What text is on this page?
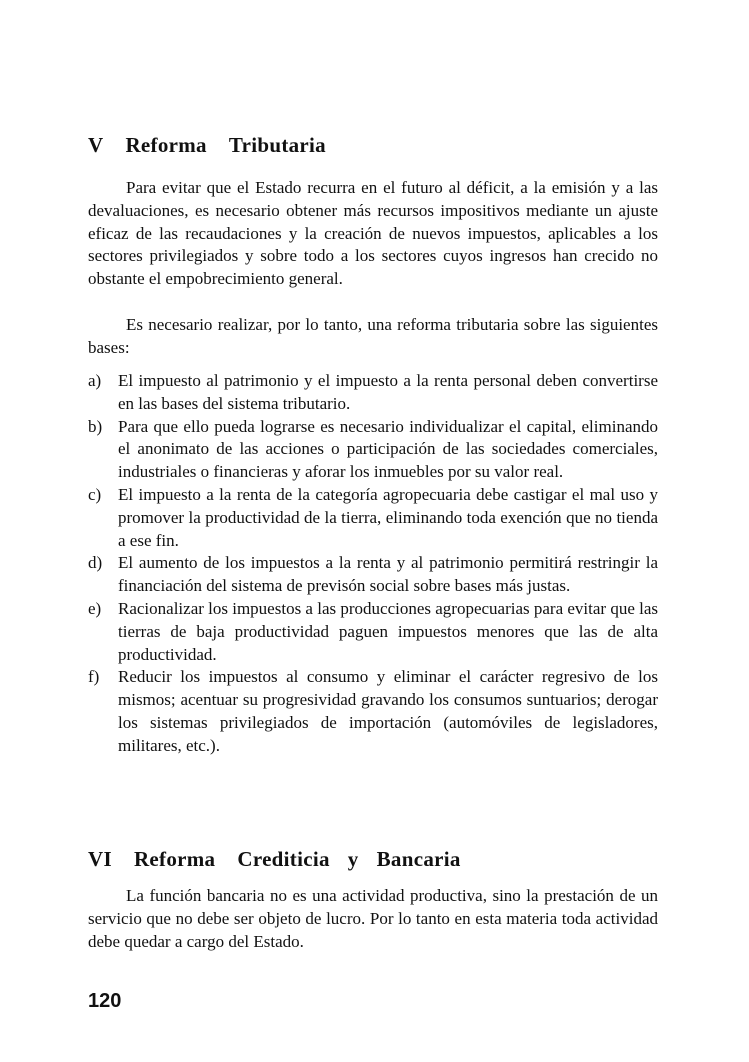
V Reforma Tributaria

Para evitar que el Estado recurra en el futuro al déficit, a la emisión y a las devaluaciones, es necesario obtener más recursos impositivos mediante un ajuste eficaz de las recaudaciones y la creación de nuevos impuestos, aplicables a los sectores privilegiados y sobre todo a los sectores cuyos ingresos han crecido no obstante el empobrecimiento general.

Es necesario realizar, por lo tanto, una reforma tributaria sobre las siguientes bases:

a) El impuesto al patrimonio y el impuesto a la renta personal deben convertirse en las bases del sistema tributario.
b) Para que ello pueda lograrse es necesario individualizar el capital, eliminando el anonimato de las acciones o participación de las sociedades comerciales, industriales o financieras y aforar los inmuebles por su valor real.
c) El impuesto a la renta de la categoría agropecuaria debe castigar el mal uso y promover la productividad de la tierra, eliminando toda exención que no tienda a ese fin.
d) El aumento de los impuestos a la renta y al patrimonio permitirá restringir la financiación del sistema de previsón social sobre bases más justas.
e) Racionalizar los impuestos a las producciones agropecuarias para evitar que las tierras de baja productividad paguen impuestos menores que las de alta productividad.
f)	Reducir los impuestos al consumo y eliminar el carácter regresivo de los mismos; acentuar su progresividad gravando los consumos suntuarios; derogar los sistemas privilegiados de importación (automóviles de legisladores, militares, etc.).
VI Reforma Crediticia y Bancaria

La función bancaria no es una actividad productiva, sino la prestación de un servicio que no debe ser objeto de lucro. Por lo tanto en esta materia toda actividad debe quedar a cargo del Estado.

120
